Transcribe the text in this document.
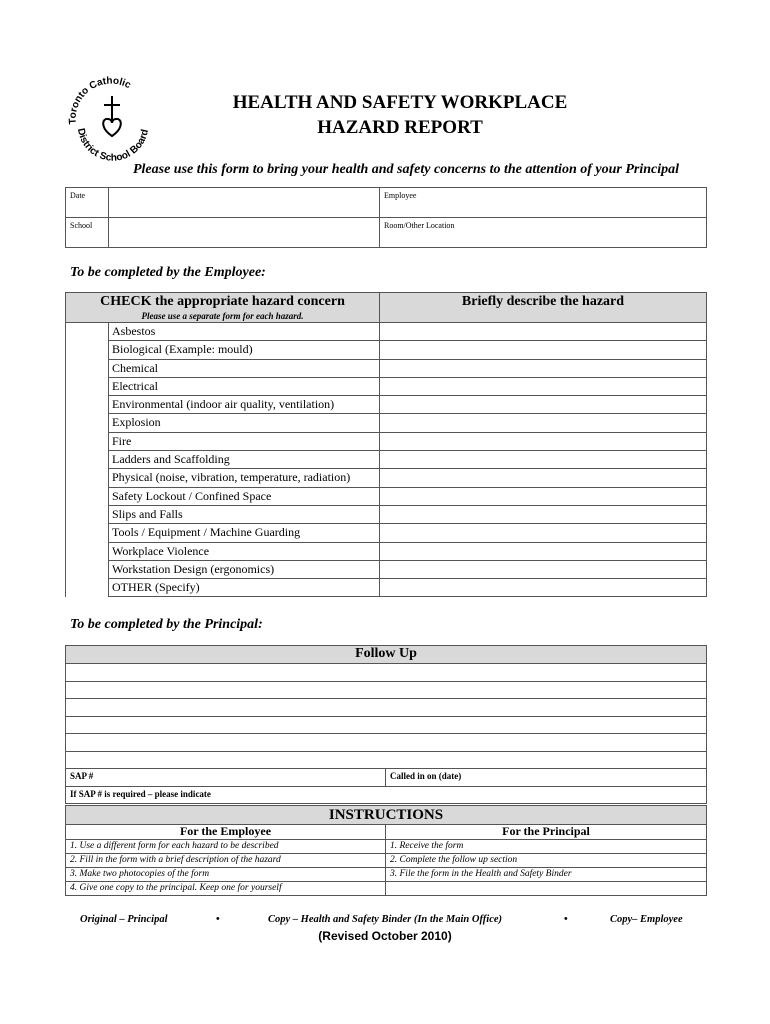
Toronto Catholic
District School Board
HEALTH AND SAFETY WORKPLACE
HAZARD REPORT
Please use this form to bring your health and safety concerns to the attention of your Principal
Date		Employee

School		Room/Other Location
To be completed by the Employee:
CHECK the appropriate hazard concern
Please use a separate form for each hazard.		Briefly describe the hazard
	Asbestos	
	Biological (Example: mould)	
	Chemical	
	Electrical	
	Environmental (indoor air quality, ventilation)	
	Explosion	
	Fire	
	Ladders and Scaffolding	
	Physical (noise, vibration, temperature, radiation)	
	Safety Lockout / Confined Space	
	Slips and Falls	
	Tools / Equipment / Machine Guarding	
	Workplace Violence	
	Workstation Design (ergonomics)	
	OTHER (Specify)	
To be completed by the Principal:
Follow Up

SAP #	Called in on (date)

If SAP # is required – please indicate
INSTRUCTIONS	
For the Employee	For the Principal
1. Use a different form for each hazard to be described	1. Receive the form
2. Fill in the form with a brief description of the hazard	2. Complete the follow up section
3. Make two photocopies of the form	3. File the form in the Health and Safety Binder
4. Give one copy to the principal. Keep one for yourself	
Original – Principal	•	Copy – Health and Safety Binder (In the Main Office)	•	Copy– Employee
(Revised October 2010)
